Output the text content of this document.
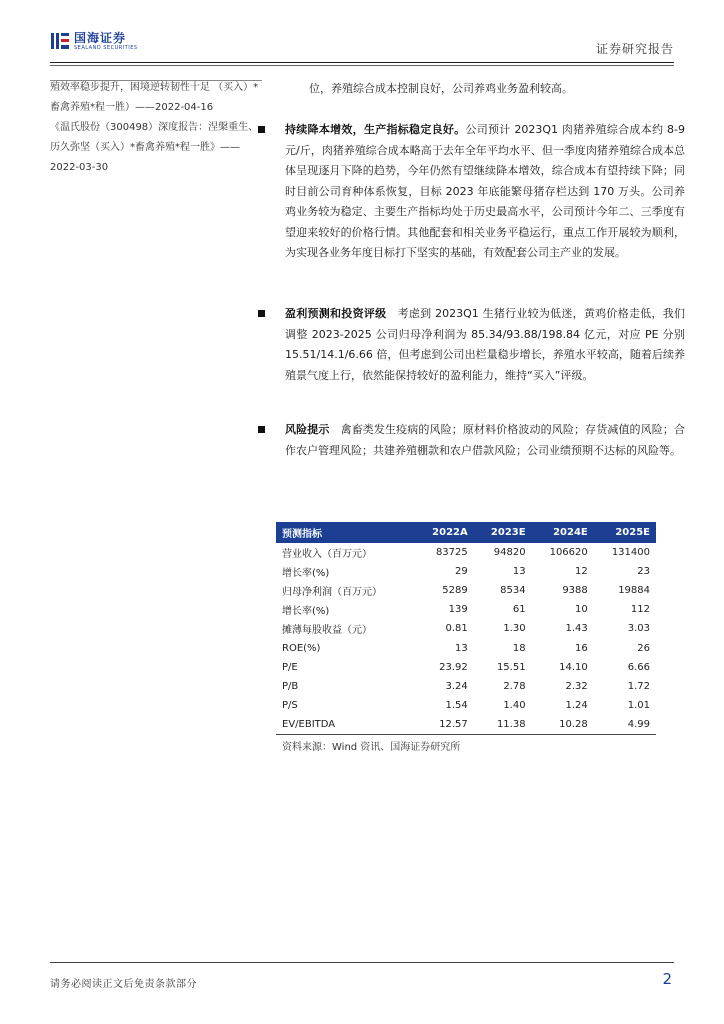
国海证券
SEALAND SECURITIES	证券研究报告

殖效率稳步提升，困境逆转韧性十足 （买入）*畜禽养殖*程一胜）——2022-04-16

《温氏股份（300498）深度报告：涅槃重生、历久弥坚（买入）*畜禽养殖*程一胜》——2022-03-30

位，养殖综合成本控制良好，公司养鸡业务盈利较高。
持续降本增效，生产指标稳定良好。公司预计 2023Q1 肉猪养殖综合成本约 8-9 元/斤，肉猪养殖综合成本略高于去年全年平均水平、但一季度肉猪养殖综合成本总体呈现逐月下降的趋势，今年仍然有望继续降本增效，综合成本有望持续下降；同时目前公司育种体系恢复，目标 2023 年底能繁母猪存栏达到 170 万头。公司养鸡业务较为稳定、主要生产指标均处于历史最高水平，公司预计今年二、三季度有望迎来较好的价格行情。其他配套和相关业务平稳运行，重点工作开展较为顺利，为实现各业务年度目标打下坚实的基础，有效配套公司主产业的发展。
盈利预测和投资评级　考虑到 2023Q1 生猪行业较为低迷，黄鸡价格走低，我们调整 2023-2025 公司归母净利润为 85.34/93.88/198.84 亿元，对应 PE 分别 15.51/14.1/6.66 倍，但考虑到公司出栏量稳步增长，养殖水平较高，随着后续养殖景气度上行，依然能保持较好的盈利能力，维持“买入”评级。
风险提示　禽畜类发生疫病的风险；原材料价格波动的风险；存货减值的风险；合作农户管理风险；共建养殖棚款和农户借款风险；公司业绩预期不达标的风险等。
预测指标	2022A	2023E	2024E	2025E
营业收入（百万元）	83725	94820	106620	131400
增长率(%)	29	13	12	23
归母净利润（百万元）	5289	8534	9388	19884
增长率(%)	139	61	10	112
摊薄每股收益（元）	0.81	1.30	1.43	3.03
ROE(%)	13	18	16	26
P/E	23.92	15.51	14.10	6.66
P/B	3.24	2.78	2.32	1.72
P/S	1.54	1.40	1.24	1.01
EV/EBITDA	12.57	11.38	10.28	4.99
资料来源：Wind 资讯、国海证券研究所
请务必阅读正文后免责条款部分	2
